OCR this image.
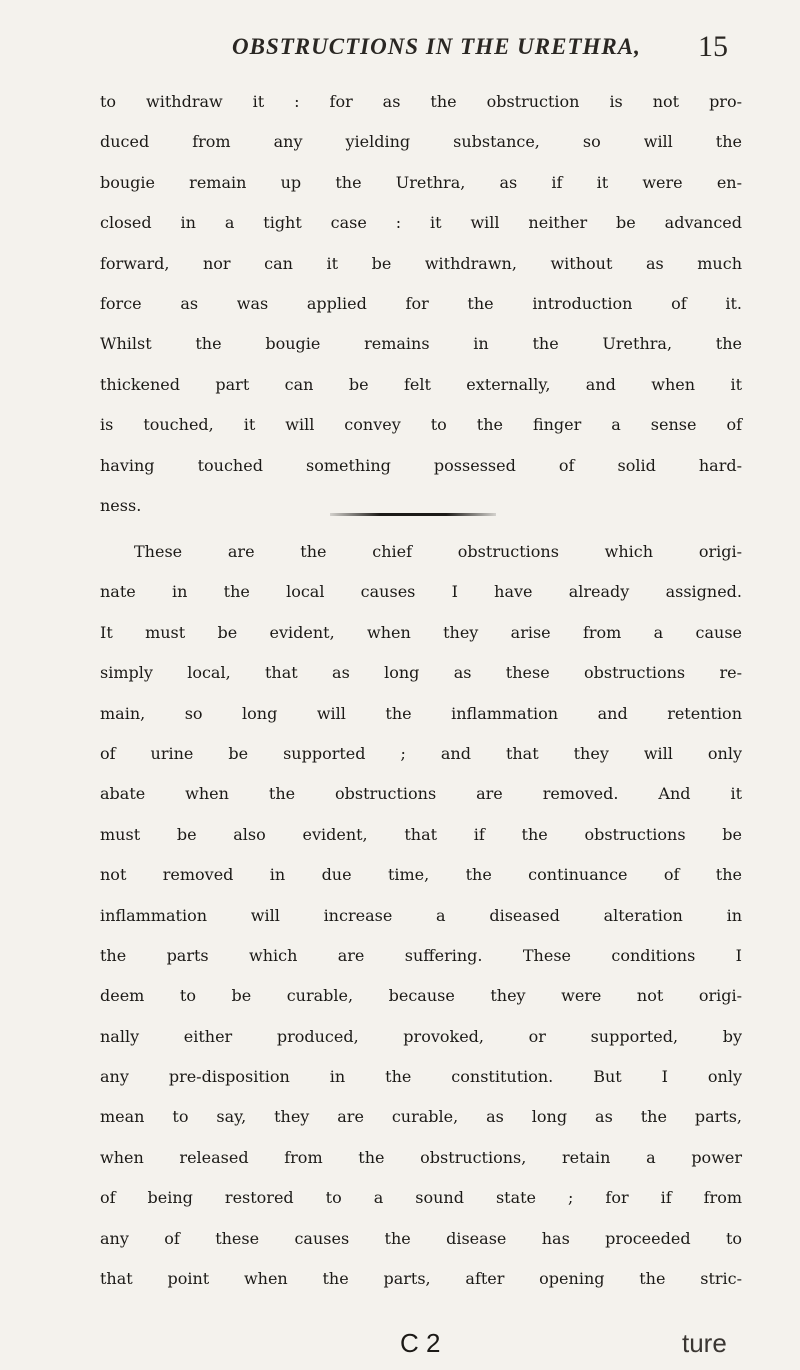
OBSTRUCTIONS IN THE URETHRA, 15
to withdraw it : for as the obstruction is not pro-
duced from any yielding substance, so will the
bougie remain up the Urethra, as if it were en-
closed in a tight case : it will neither be advanced
forward, nor can it be withdrawn, without as much
force as was applied for the introduction of it.
Whilst the bougie remains in the Urethra, the
thickened part can be felt externally, and when it
is touched, it will convey to the finger a sense of
having touched something possessed of solid hard-
ness.
These are the chief obstructions which origi-
nate in the local causes I have already assigned.
It must be evident, when they arise from a cause
simply local, that as long as these obstructions re-
main, so long will the inflammation and retention
of urine be supported ; and that they will only
abate when the obstructions are removed. And it
must be also evident, that if the obstructions be
not removed in due time, the continuance of the
inflammation will increase a diseased alteration in
the parts which are suffering. These conditions I
deem to be curable, because they were not origi-
nally either produced, provoked, or supported, by
any pre-disposition in the constitution. But I only
mean to say, they are curable, as long as the parts,
when released from the obstructions, retain a power
of being restored to a sound state ; for if from
any of these causes the disease has proceeded to
that point when the parts, after opening the stric-
C 2	ture
